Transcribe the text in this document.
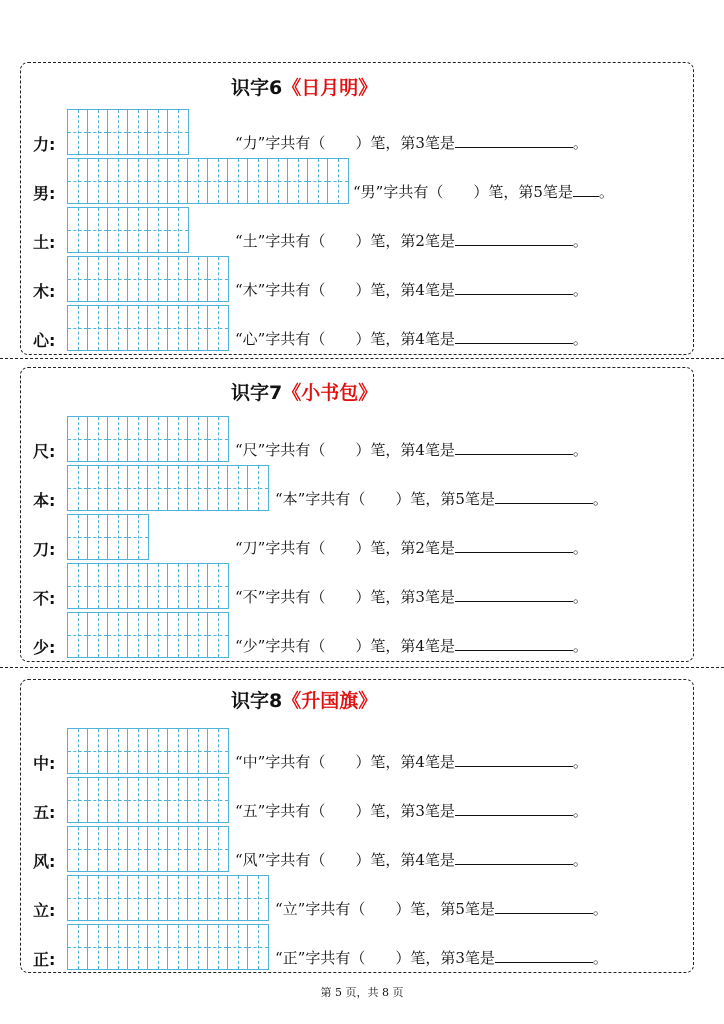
识字6《日月明》
力:	“力”字共有（ ）笔，第3笔是	。
男:	“男”字共有（ ）笔，第5笔是 。
土:	“土”字共有（ ）笔，第2笔是	。
木:	“木”字共有（ ）笔，第4笔是	。
心:	“心”字共有（ ）笔，第4笔是	。
识字7《小书包》
尺:	“尺”字共有（ ）笔，第4笔是	。
本:	“本”字共有（ ）笔，第5笔是	。
刀:	“刀”字共有（ ）笔，第2笔是	。
不:	“不”字共有（ ）笔，第3笔是	。
少:	“少”字共有（ ）笔，第4笔是	。
识字8《升国旗》
中:	“中”字共有（ ）笔，第4笔是	。
五:	“五”字共有（ ）笔，第3笔是	。
风:	“风”字共有（ ）笔，第4笔是	。
立:	“立”字共有（ ）笔，第5笔是	。
正:	“正”字共有（ ）笔，第3笔是	。
第 5 页，共 8 页
